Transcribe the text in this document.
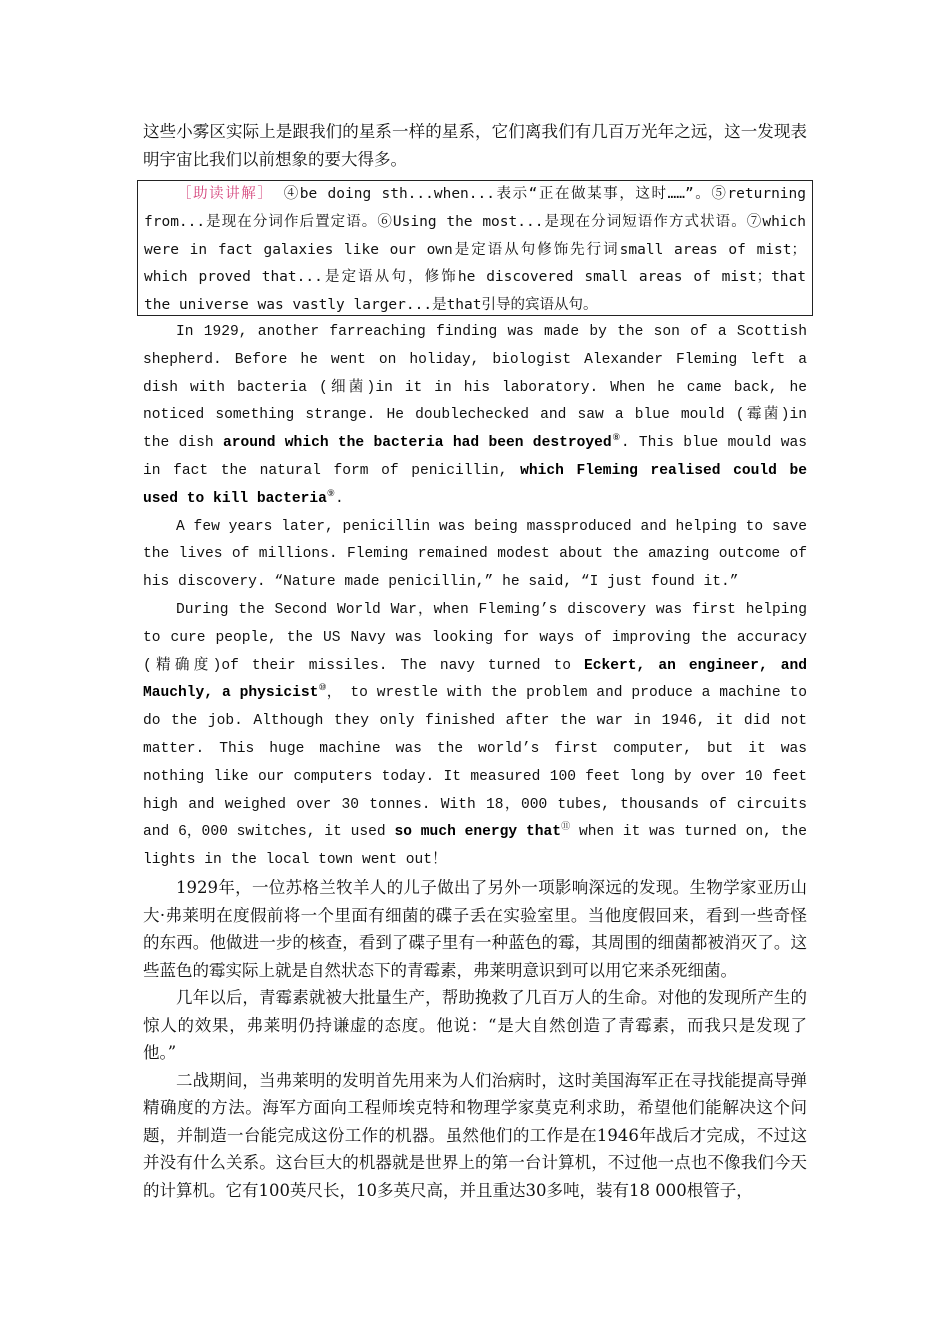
这些小雾区实际上是跟我们的星系一样的星系，它们离我们有几百万光年之远，这一发现表明宇宙比我们以前想象的要大得多。

［助读讲解］ ④be doing sth...when...表示“正在做某事，这时……”。⑤returning from...是现在分词作后置定语。⑥Using the most...是现在分词短语作方式状语。⑦which were in fact galaxies like our own是定语从句修饰先行词small areas of mist；which proved that...是定语从句，修饰he discovered small areas of mist；that the universe was vastly larger...是that引导的宾语从句。

In 1929, another farreaching finding was made by the son of a Scottish shepherd. Before he went on holiday, biologist Alexander Fleming left a dish with bacteria (细菌)in it in his laboratory. When he came back, he noticed something strange. He doublechecked and saw a blue mould (霉菌)in the dish around which the bacteria had been destroyed⑧. This blue mould was in fact the natural form of penicillin, which Fleming realised could be used to kill bacteria⑨.

A few years later, penicillin was being massproduced and helping to save the lives of millions. Fleming remained modest about the amazing outcome of his discovery. “Nature made penicillin,” he said, “I just found it.”

During the Second World War，when Fleming’s discovery was first helping to cure people, the US Navy was looking for ways of improving the accuracy (精确度)of their missiles. The navy turned to Eckert, an engineer, and Mauchly, a physicist⑩， to wrestle with the problem and produce a machine to do the job. Although they only finished after the war in 1946, it did not matter. This huge machine was the world’s first computer, but it was nothing like our computers today. It measured 100 feet long by over 10 feet high and weighed over 30 tonnes. With 18，000 tubes, thousands of circuits and 6，000 switches, it used so much energy that⑪ when it was turned on, the lights in the local town went out！

1929年，一位苏格兰牧羊人的儿子做出了另外一项影响深远的发现。生物学家亚历山大·弗莱明在度假前将一个里面有细菌的碟子丢在实验室里。当他度假回来，看到一些奇怪的东西。他做进一步的核查，看到了碟子里有一种蓝色的霉，其周围的细菌都被消灭了。这些蓝色的霉实际上就是自然状态下的青霉素，弗莱明意识到可以用它来杀死细菌。

几年以后，青霉素就被大批量生产，帮助挽救了几百万人的生命。对他的发现所产生的惊人的效果，弗莱明仍持谦虚的态度。他说：“是大自然创造了青霉素，而我只是发现了他。”

二战期间，当弗莱明的发明首先用来为人们治病时，这时美国海军正在寻找能提高导弹精确度的方法。海军方面向工程师埃克特和物理学家莫克利求助，希望他们能解决这个问题，并制造一台能完成这份工作的机器。虽然他们的工作是在1946年战后才完成，不过这并没有什么关系。这台巨大的机器就是世界上的第一台计算机，不过他一点也不像我们今天的计算机。它有100英尺长，10多英尺高，并且重达30多吨，装有18 000根管子，
